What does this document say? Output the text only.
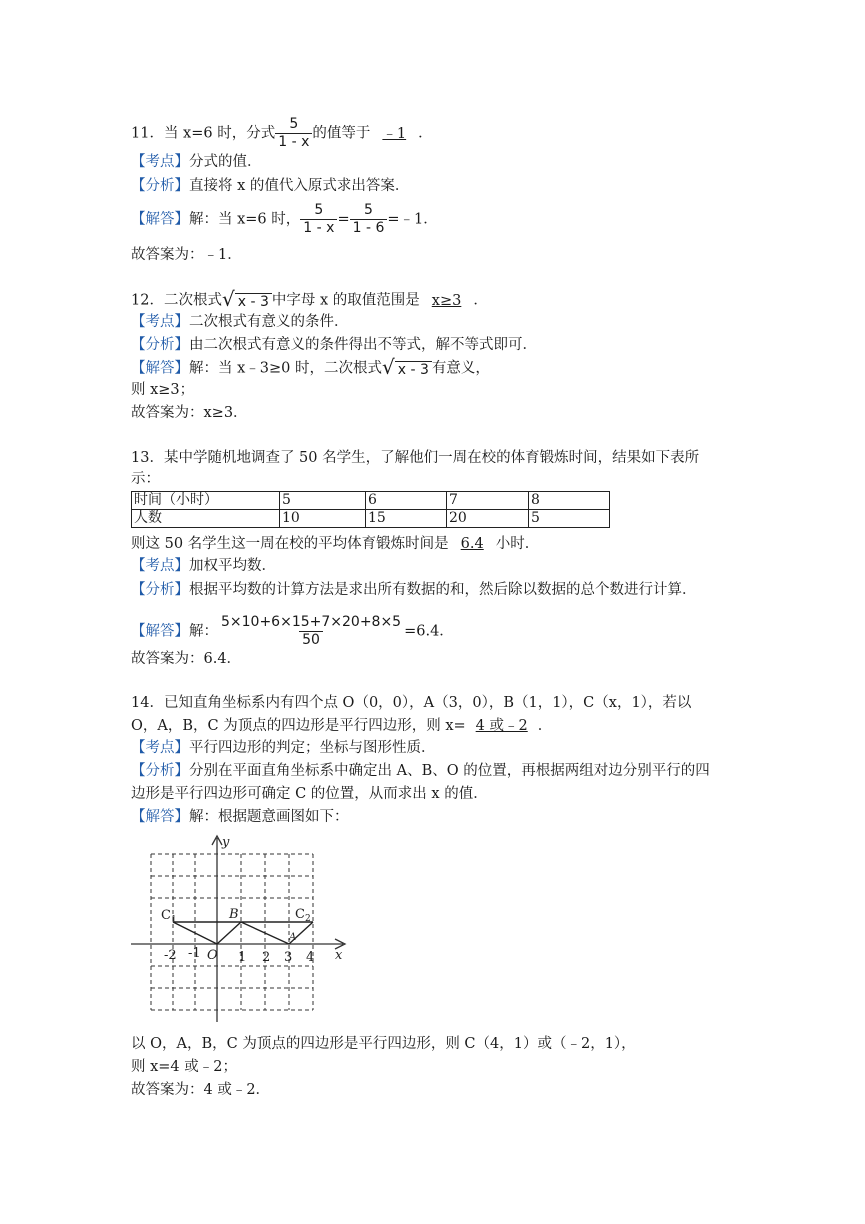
11．当 x=6 时，分式 $\frac{5}{1 - x}$ 的值等于 ﹣1 ．
【考点】分式的值．
【分析】直接将 x 的值代入原式求出答案．
【解答】解：当 x=6 时， $\frac{5}{1 - x} = \frac{5}{1 - 6}$ =﹣1．
故答案为：﹣1．
12．二次根式√ x - 3 中字母 x 的取值范围是 x≥3 ．
【考点】二次根式有意义的条件．
【分析】由二次根式有意义的条件得出不等式，解不等式即可．
【解答】解：当 x﹣3≥0 时，二次根式√ x - 3 有意义，
则 x≥3；
故答案为：x≥3．
13．某中学随机地调查了 50 名学生，了解他们一周在校的体育锻炼时间，结果如下表所
示：
时间（小时）	5	6	7	8
人数	10	15	20	5
则这 50 名学生这一周在校的平均体育锻炼时间是 6.4 小时．
【考点】加权平均数．
【分析】根据平均数的计算方法是求出所有数据的和，然后除以数据的总个数进行计算．
【解答】解： $\frac{5\times 10+6\times 15+7\times 20+8\times 5}{50} =6.4$．
故答案为：6.4．
14．已知直角坐标系内有四个点 O（0，0），A（3，0），B（1，1），C（x，1），若以
O，A，B，C 为顶点的四边形是平行四边形，则 x= 4 或﹣2 ．
【考点】平行四边形的判定；坐标与图形性质．
【分析】分别在平面直角坐标系中确定出 A、B、O 的位置，再根据两组对边分别平行的四
边形是平行四边形可确定 C 的位置，从而求出 x 的值．
【解答】解：根据题意画图如下：
y
x
O
-2 -1	1 2 3 4
$C_1$	B	$C_2$
A
以 O，A，B，C 为顶点的四边形是平行四边形，则 C（4，1）或（﹣2，1），
则 x=4 或﹣2；
故答案为：4 或﹣2．
